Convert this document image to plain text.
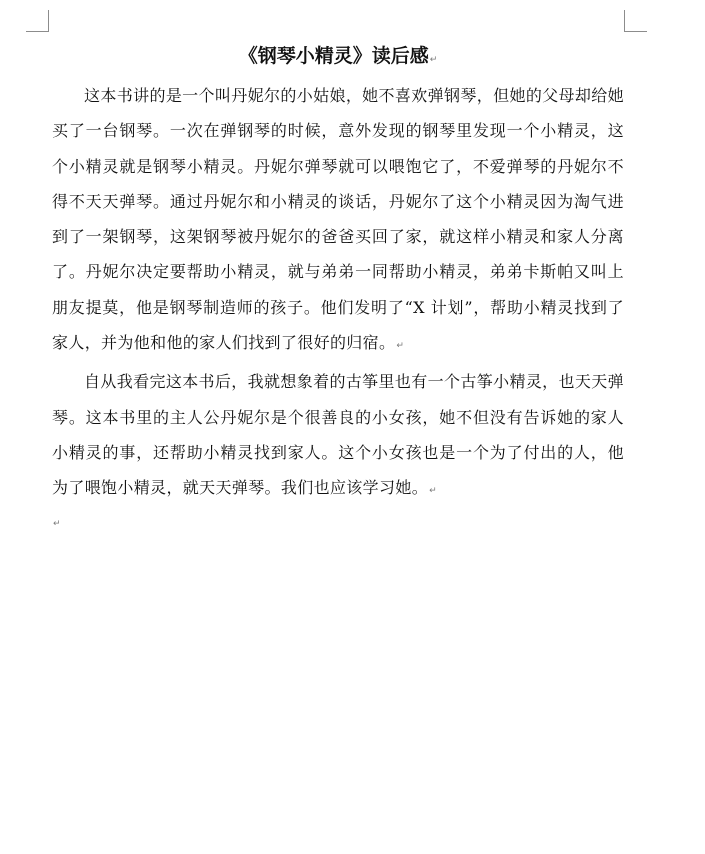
《钢琴小精灵》读后感↵

这本书讲的是一个叫丹妮尔的小姑娘，她不喜欢弹钢琴，但她的父母却给她买了一台钢琴。一次在弹钢琴的时候，意外发现的钢琴里发现一个小精灵，这个小精灵就是钢琴小精灵。丹妮尔弹琴就可以喂饱它了，不爱弹琴的丹妮尔不得不天天弹琴。通过丹妮尔和小精灵的谈话，丹妮尔了这个小精灵因为淘气进到了一架钢琴，这架钢琴被丹妮尔的爸爸买回了家，就这样小精灵和家人分离了。丹妮尔决定要帮助小精灵，就与弟弟一同帮助小精灵，弟弟卡斯帕又叫上朋友提莫，他是钢琴制造师的孩子。他们发明了“X 计划”，帮助小精灵找到了家人，并为他和他的家人们找到了很好的归宿。↵

自从我看完这本书后，我就想象着的古筝里也有一个古筝小精灵，也天天弹琴。这本书里的主人公丹妮尔是个很善良的小女孩，她不但没有告诉她的家人小精灵的事，还帮助小精灵找到家人。这个小女孩也是一个为了付出的人，他为了喂饱小精灵，就天天弹琴。我们也应该学习她。↵

↵
